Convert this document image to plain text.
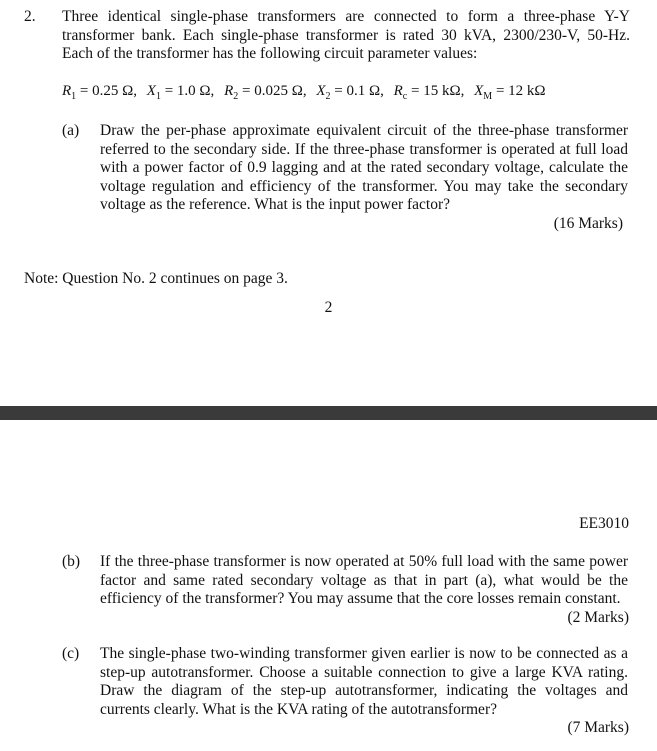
2. Three identical single-phase transformers are connected to form a three-phase Y-Y transformer bank. Each single-phase transformer is rated 30 kVA, 2300/230-V, 50-Hz. Each of the transformer has the following circuit parameter values:
$R_1 = 0.25$ Ω, $X_1 = 1.0$ Ω, $R_2 = 0.025$ Ω, $X_2 = 0.1$ Ω, $R_c = 15$ kΩ, $X_M = 12$ kΩ
(a) Draw the per-phase approximate equivalent circuit of the three-phase transformer referred to the secondary side. If the three-phase transformer is operated at full load with a power factor of 0.9 lagging and at the rated secondary voltage, calculate the voltage regulation and efficiency of the transformer. You may take the secondary voltage as the reference. What is the input power factor?
(16 Marks)
Note: Question No. 2 continues on page 3.
2
EE3010
(b) If the three-phase transformer is now operated at 50% full load with the same power factor and same rated secondary voltage as that in part (a), what would be the efficiency of the transformer? You may assume that the core losses remain constant.
(2 Marks)
(c) The single-phase two-winding transformer given earlier is now to be connected as a step-up autotransformer. Choose a suitable connection to give a large KVA rating. Draw the diagram of the step-up autotransformer, indicating the voltages and currents clearly. What is the KVA rating of the autotransformer?
(7 Marks)
